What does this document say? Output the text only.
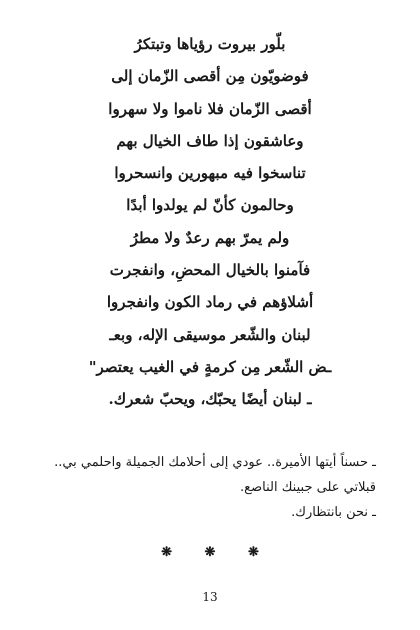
بلّور بيروت رؤياها وتبتكرُ
فوضويّون مِن أقصى الزّمان إلى
أقصى الزّمان فلا ناموا ولا سهروا
وعاشقون إذا طاف الخيال بهم
تناسخوا فيه مبهورين وانسحروا
وحالمون كأنّ لم يولدوا أبدًا
ولم يمرّ بهم رعدٌ ولا مطرُ
فآمنوا بالخيال المحضِ، وانفجرت
أشلاؤهم في رماد الكون وانفجروا
لبنان والشّعر موسيقى الإله، وبعـ
ـض الشّعر مِن كرمةٍ في الغيب يعتصر"
ـ لبنان أيضًا يحبّك، ويحبّ شعرك.

ـ حسناً أيتها الأميرة.. عودي إلى أحلامك الجميلة واحلمي بي.. قبلاتي على جبينك الناصع.

ـ نحن بانتظارك.

❋	❋	❋
13
